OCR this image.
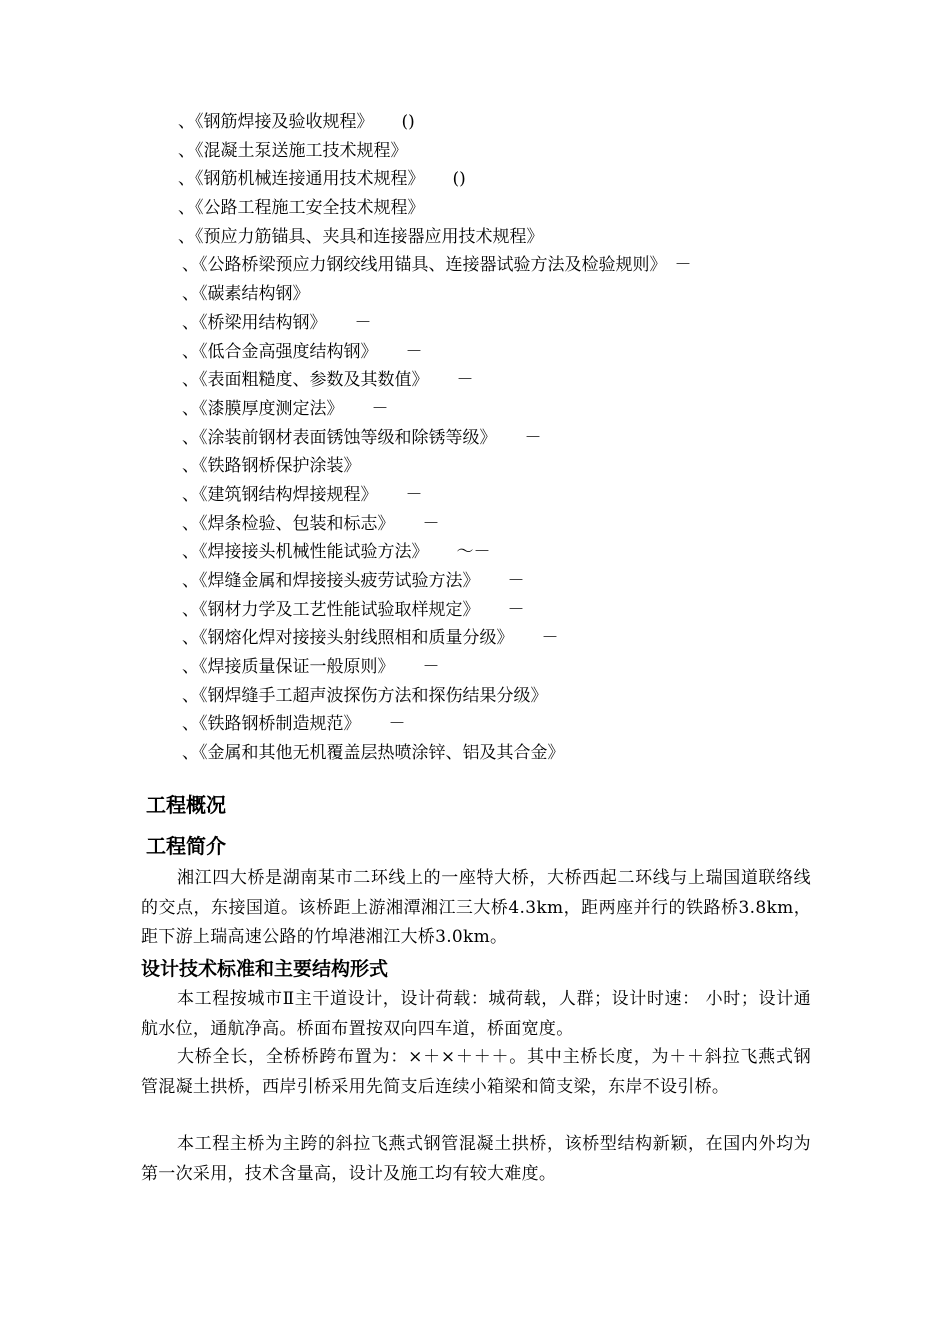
、《钢筋焊接及验收规程》 ()
、《混凝土泵送施工技术规程》
、《钢筋机械连接通用技术规程》 ()
、《公路工程施工安全技术规程》
、《预应力筋锚具、夹具和连接器应用技术规程》
、《公路桥梁预应力钢绞线用锚具、连接器试验方法及检验规则》 －
、《碳素结构钢》
、《桥梁用结构钢》 －
、《低合金高强度结构钢》 －
、《表面粗糙度、参数及其数值》 －
、《漆膜厚度测定法》 －
、《涂装前钢材表面锈蚀等级和除锈等级》 －
、《铁路钢桥保护涂装》
、《建筑钢结构焊接规程》 －
、《焊条检验、包装和标志》 －
、《焊接接头机械性能试验方法》 ～－
、《焊缝金属和焊接接头疲劳试验方法》 －
、《钢材力学及工艺性能试验取样规定》 －
、《钢熔化焊对接接头射线照相和质量分级》 －
、《焊接质量保证一般原则》 －
、《钢焊缝手工超声波探伤方法和探伤结果分级》
、《铁路钢桥制造规范》 －
、《金属和其他无机覆盖层热喷涂锌、铝及其合金》
工程概况
工程简介

湘江四大桥是湖南某市二环线上的一座特大桥，大桥西起二环线与上瑞国道联络线的交点，东接国道。该桥距上游湘潭湘江三大桥4.3km，距两座并行的铁路桥3.8km，距下游上瑞高速公路的竹埠港湘江大桥3.0km。

设计技术标准和主要结构形式

本工程按城市Ⅱ主干道设计，设计荷载：城荷载，人群；设计时速： 小时；设计通航水位，通航净高。桥面布置按双向四车道，桥面宽度。

大桥全长，全桥桥跨布置为：×＋×＋＋＋。其中主桥长度，为＋＋斜拉飞燕式钢管混凝土拱桥，西岸引桥采用先简支后连续小箱梁和简支梁，东岸不设引桥。

本工程主桥为主跨的斜拉飞燕式钢管混凝土拱桥，该桥型结构新颖，在国内外均为第一次采用，技术含量高，设计及施工均有较大难度。
